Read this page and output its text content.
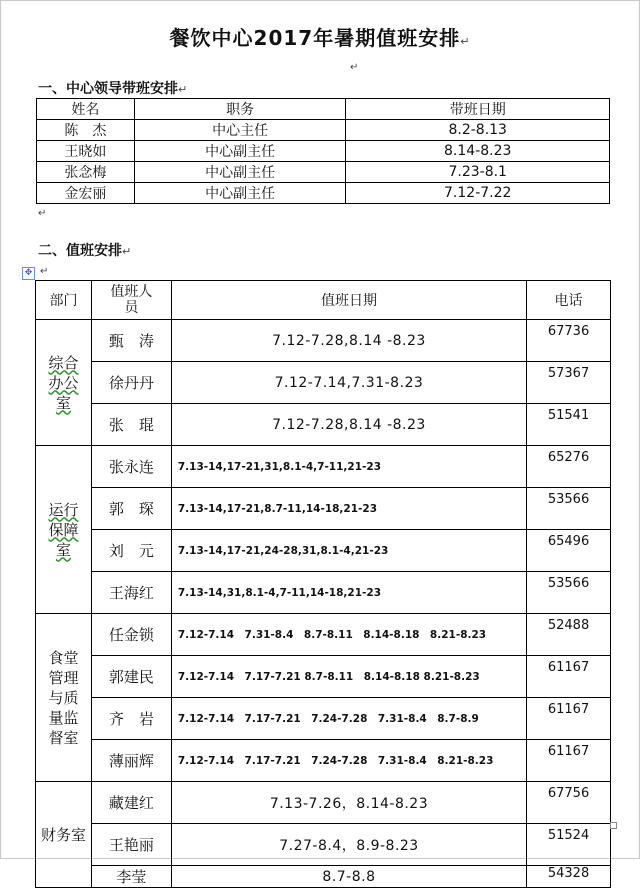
餐饮中心2017年暑期值班安排↵
↵
一、中心领导带班安排↵
姓名	职务	带班日期
陈　杰	中心主任	8.2-8.13
王晓如	中心副主任	8.14-8.23
张念梅	中心副主任	7.23-8.1
金宏丽	中心副主任	7.12-7.22
↵
二、值班安排↵
✥ ↵
部门	值班人员	值班日期	电话
综合办公室	甄　涛	7.12-7.28,8.14 -8.23	67736
	徐丹丹	7.12-7.14,7.31-8.23	57367
	张　琨	7.12-7.28,8.14 -8.23	51541
运行保障室	张永连	7.13-14,17-21,31,8.1-4,7-11,21-23	65276
	郭　琛	7.13-14,17-21,8.7-11,14-18,21-23	53566
	刘　元	7.13-14,17-21,24-28,31,8.1-4,21-23	65496
	王海红	7.13-14,31,8.1-4,7-11,14-18,21-23	53566
食堂管理与质量监督室	任金锁	7.12-7.14　7.31-8.4　8.7-8.11　8.14-8.18　8.21-8.23	52488
	郭建民	7.12-7.14　7.17-7.21 8.7-8.11　8.14-8.18 8.21-8.23	61167
	齐　岩	7.12-7.14　7.17-7.21　7.24-7.28　7.31-8.4　8.7-8.9	61167
	薄丽辉	7.12-7.14　7.17-7.21　7.24-7.28　7.31-8.4　8.21-8.23	61167
财务室	藏建红	7.13-7.26，8.14-8.23	67756
	王艳丽	7.27-8.4，8.9-8.23	51524
	李莹	8.7-8.8	54328
